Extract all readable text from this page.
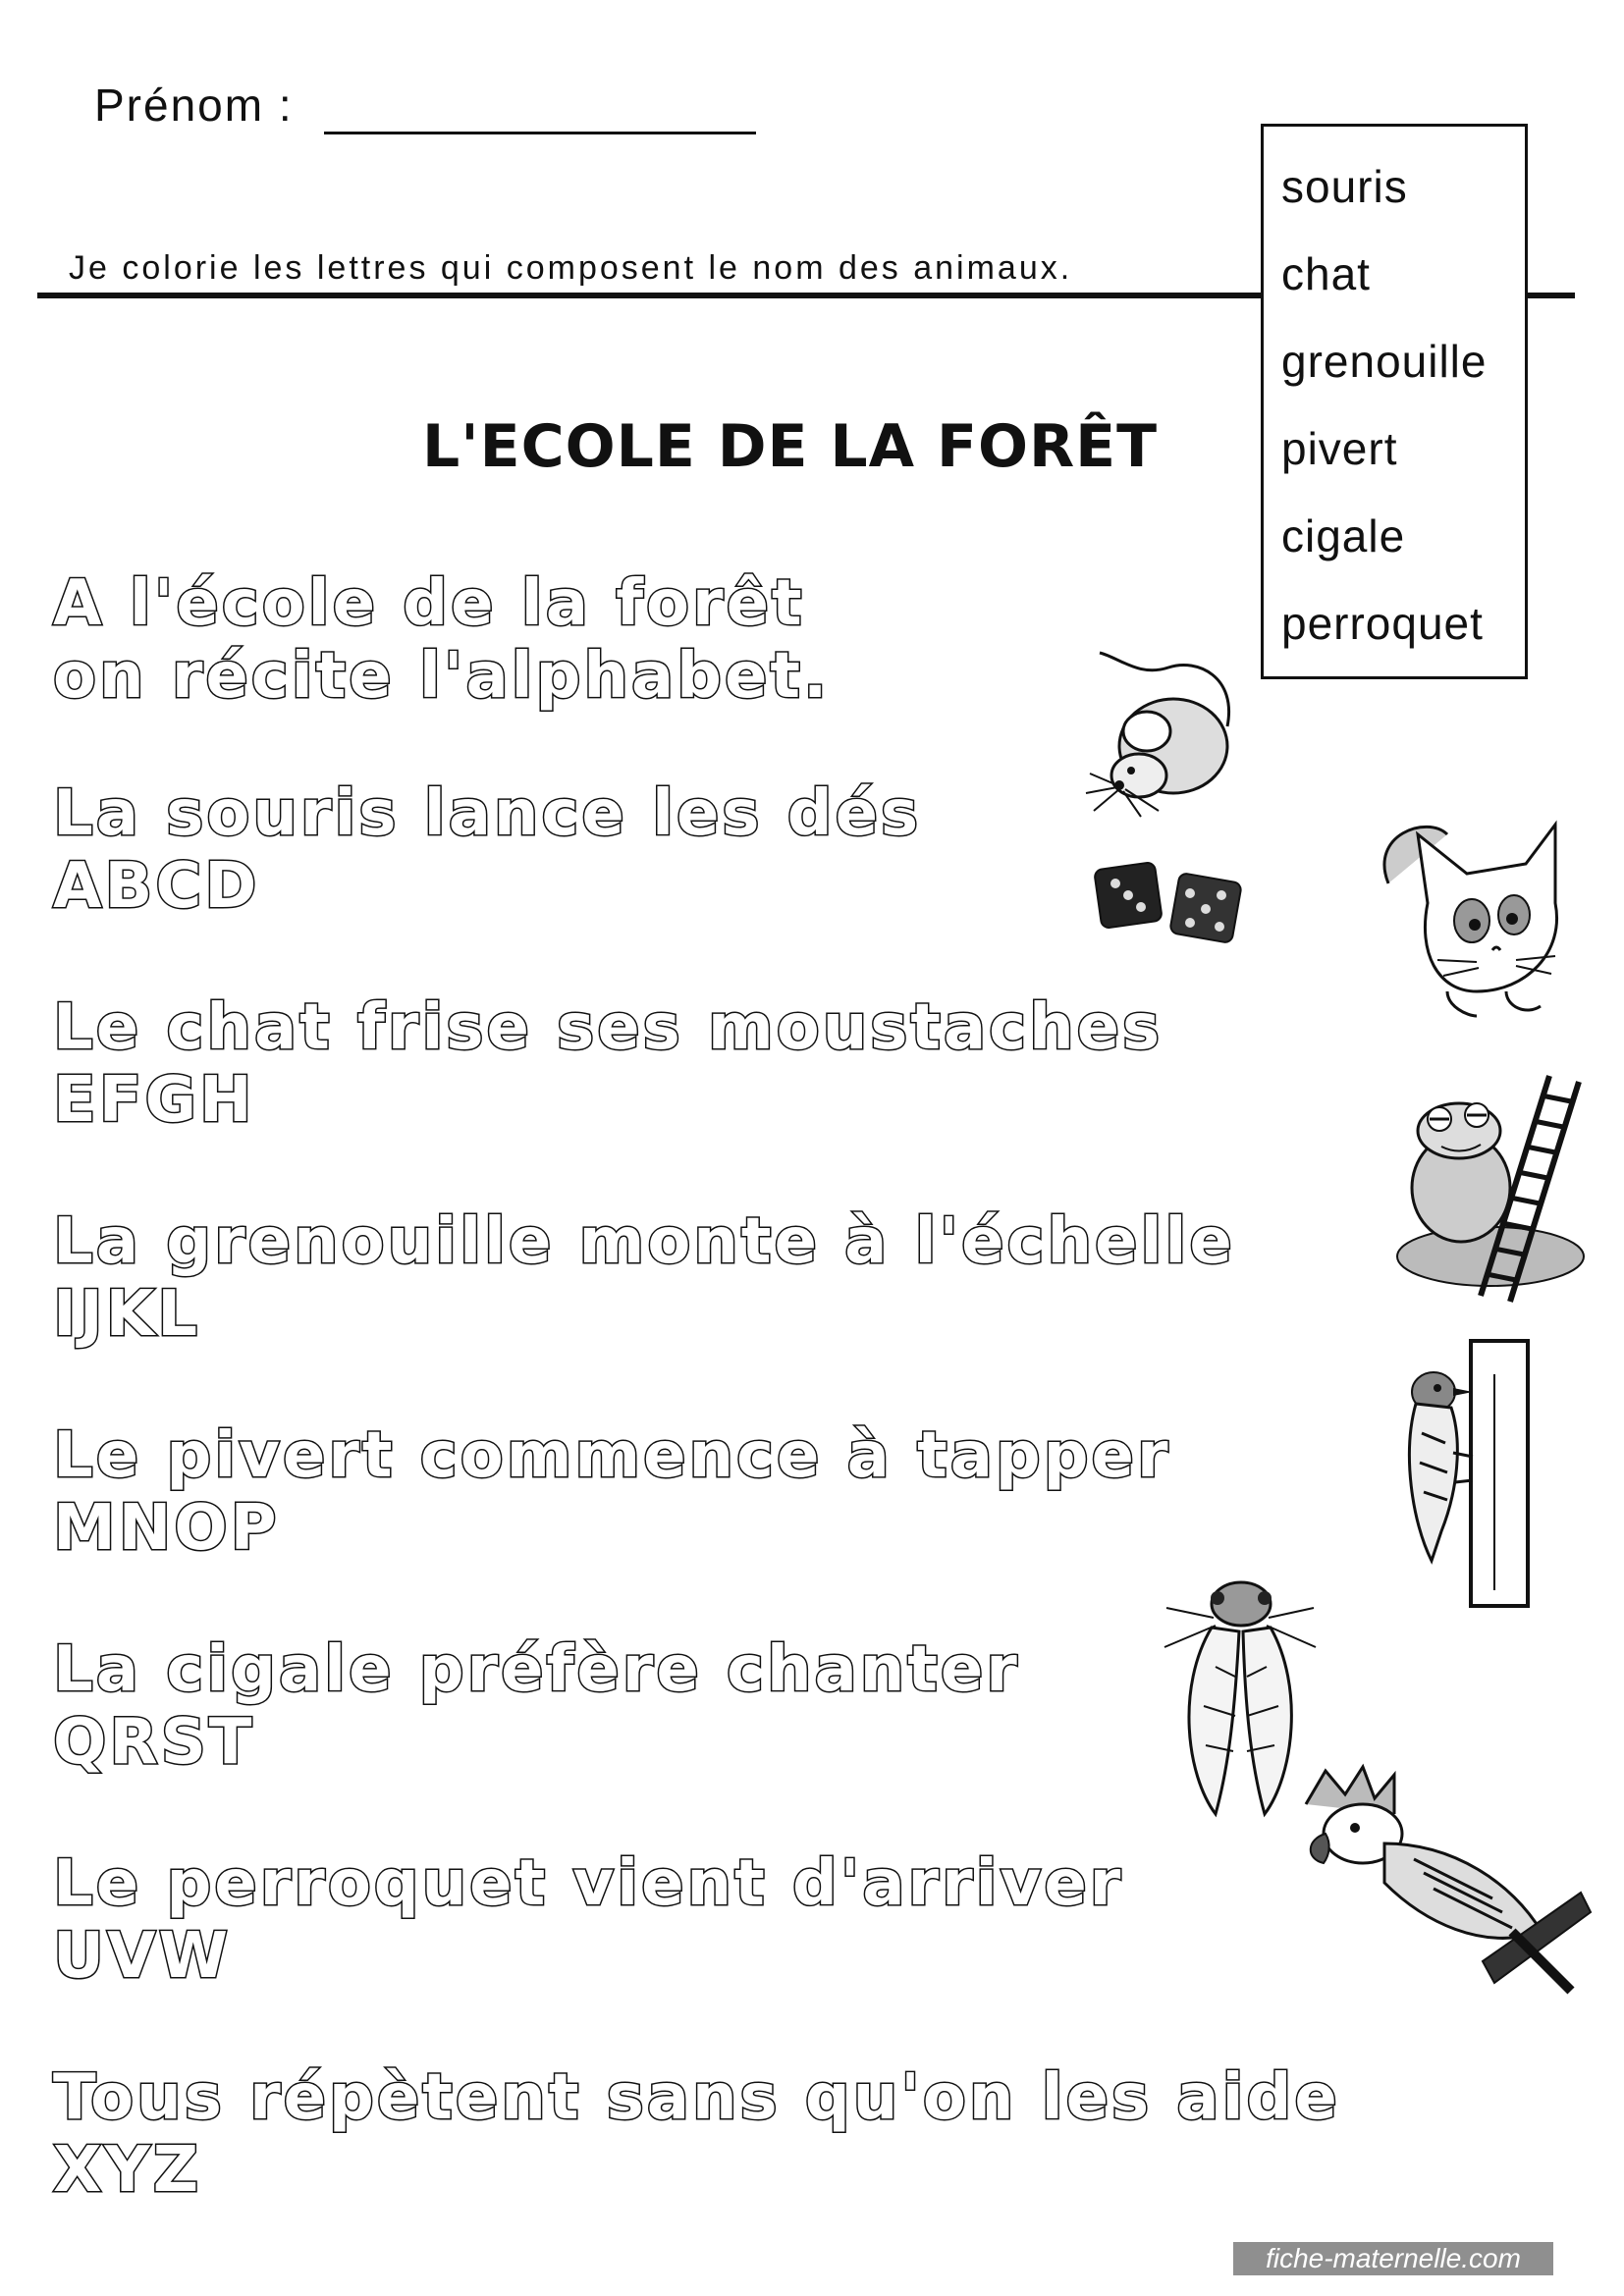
Prénom :
Je colorie les lettres qui composent le nom des animaux.
souris
chat
grenouille
pivert
cigale
perroquet
L'ECOLE DE LA FORÊT
A l'école de la forêt
on récite l'alphabet.
La souris lance les dés
ABCD
Le chat frise ses moustaches
EFGH
La grenouille monte à l'échelle
IJKL
Le pivert commence à tapper
MNOP
La cigale préfère chanter
QRST
Le perroquet vient d'arriver
UVW
Tous répètent sans qu'on les aide
XYZ
fiche-maternelle.com
